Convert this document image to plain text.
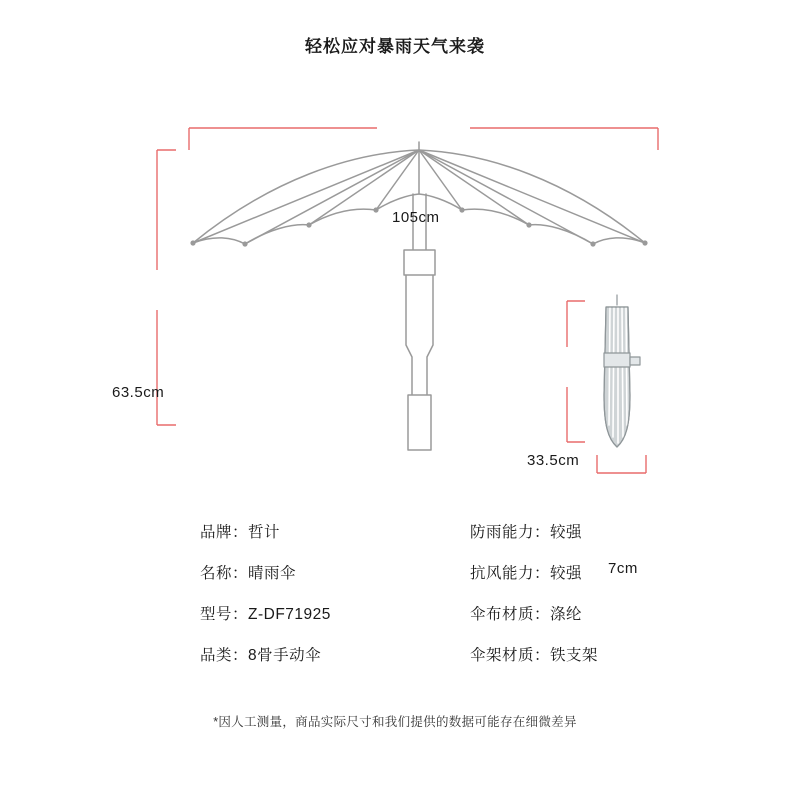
轻松应对暴雨天气来袭
105cm
63.5cm
33.5cm
7cm
品牌：哲计
名称：晴雨伞
型号：Z-DF71925
品类：8骨手动伞
防雨能力：较强
抗风能力：较强
伞布材质：涤纶
伞架材质：铁支架
*因人工测量，商品实际尺寸和我们提供的数据可能存在细微差异
